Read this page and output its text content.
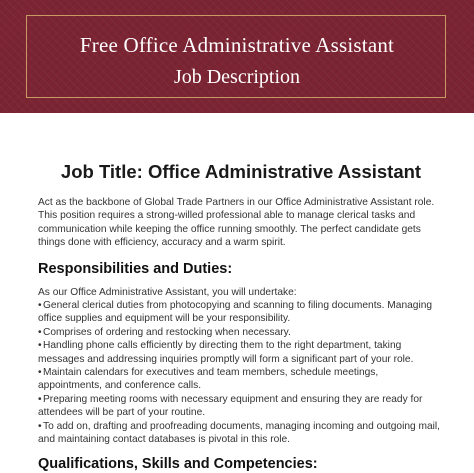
Free Office Administrative Assistant
Job Description
Job Title: Office Administrative Assistant

Act as the backbone of Global Trade Partners in our Office Administrative Assistant role. This position requires a strong-willed professional able to manage clerical tasks and communication while keeping the office running smoothly. The perfect candidate gets things done with efficiency, accuracy and a warm spirit.

Responsibilities and Duties:
As our Office Administrative Assistant, you will undertake:
•General clerical duties from photocopying and scanning to filing documents. Managing office supplies and equipment will be your responsibility.
•Comprises of ordering and restocking when necessary.
•Handling phone calls efficiently by directing them to the right department, taking messages and addressing inquiries promptly will form a significant part of your role.
•Maintain calendars for executives and team members, schedule meetings, appointments, and conference calls.
•Preparing meeting rooms with necessary equipment and ensuring they are ready for attendees will be part of your routine.
•To add on, drafting and proofreading documents, managing incoming and outgoing mail, and maintaining contact databases is pivotal in this role.
Qualifications, Skills and Competencies:
